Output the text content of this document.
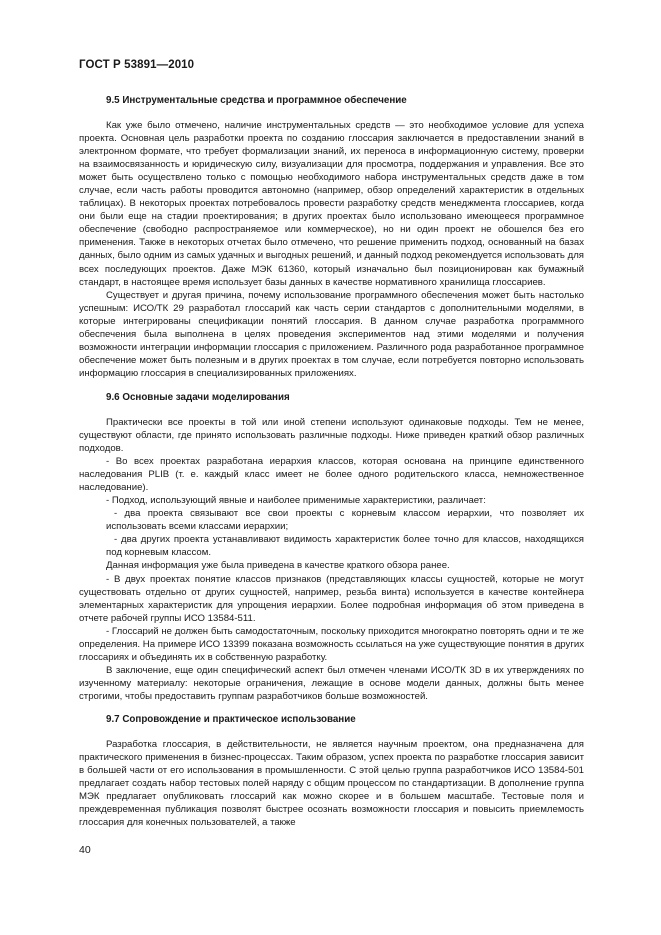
ГОСТ Р 53891—2010
9.5 Инструментальные средства и программное обеспечение

Как уже было отмечено, наличие инструментальных средств — это необходимое условие для успеха проекта. Основная цель разработки проекта по созданию глоссария заключается в предоставлении знаний в электронном формате, что требует формализации знаний, их переноса в информационную систему, проверки на взаимосвязанность и юридическую силу, визуализации для просмотра, поддержания и управления. Все это может быть осуществлено только с помощью необходимого набора инструментальных средств даже в том случае, если часть работы проводится автономно (например, обзор определений характеристик в отдельных таблицах). В некоторых проектах потребовалось провести разработку средств менеджмента глоссариев, когда они были еще на стадии проектирования; в других проектах было использовано имеющееся программное обеспечение (свободно распространяемое или коммерческое), но ни один проект не обошелся без его применения. Также в некоторых отчетах было отмечено, что решение применить подход, основанный на базах данных, было одним из самых удачных и выгодных решений, и данный подход рекомендуется использовать для всех последующих проектов. Даже МЭК 61360, который изначально был позиционирован как бумажный стандарт, в настоящее время использует базы данных в качестве нормативного хранилища глоссариев.

Существует и другая причина, почему использование программного обеспечения может быть настолько успешным: ИСО/ТК 29 разработал глоссарий как часть серии стандартов с дополнительными моделями, в которые интегрированы спецификации понятий глоссария. В данном случае разработка программного обеспечения была выполнена в целях проведения экспериментов над этими моделями и получения возможности интеграции информации глоссария с приложением. Различного рода разработанное программное обеспечение может быть полезным и в других проектах в том случае, если потребуется повторно использовать информацию глоссария в специализированных приложениях.

9.6 Основные задачи моделирования

Практически все проекты в той или иной степени используют одинаковые подходы. Тем не менее, существуют области, где принято использовать различные подходы. Ниже приведен краткий обзор различных подходов.

- Во всех проектах разработана иерархия классов, которая основана на принципе единственного наследования PLIB (т. е. каждый класс имеет не более одного родительского класса, немножественное наследование).

- Подход, использующий явные и наиболее применимые характеристики, различает:

- два проекта связывают все свои проекты с корневым классом иерархии, что позволяет их использовать всеми классами иерархии;

- два других проекта устанавливают видимость характеристик более точно для классов, находящихся под корневым классом.

Данная информация уже была приведена в качестве краткого обзора ранее.

- В двух проектах понятие классов признаков (представляющих классы сущностей, которые не могут существовать отдельно от других сущностей, например, резьба винта) используется в качестве контейнера элементарных характеристик для упрощения иерархии. Более подробная информация об этом приведена в отчете рабочей группы ИСО 13584-511.

- Глоссарий не должен быть самодостаточным, поскольку приходится многократно повторять одни и те же определения. На примере ИСО 13399 показана возможность ссылаться на уже существующие понятия в других глоссариях и объединять их в собственную разработку.

В заключение, еще один специфический аспект был отмечен членами ИСО/ТК 3D в их утверждениях по изученному материалу: некоторые ограничения, лежащие в основе модели данных, должны быть менее строгими, чтобы предоставить группам разработчиков больше возможностей.

9.7 Сопровождение и практическое использование

Разработка глоссария, в действительности, не является научным проектом, она предназначена для практического применения в бизнес-процессах. Таким образом, успех проекта по разработке глоссария зависит в большей части от его использования в промышленности. С этой целью группа разработчиков ИСО 13584-501 предлагает создать набор тестовых полей наряду с общим процессом по стандартизации. В дополнение группа МЭК предлагает опубликовать глоссарий как можно скорее и в большем масштабе. Тестовые поля и преждевременная публикация позволят быстрее осознать возможности глоссария и повысить приемлемость глоссария для конечных пользователей, а также

40
